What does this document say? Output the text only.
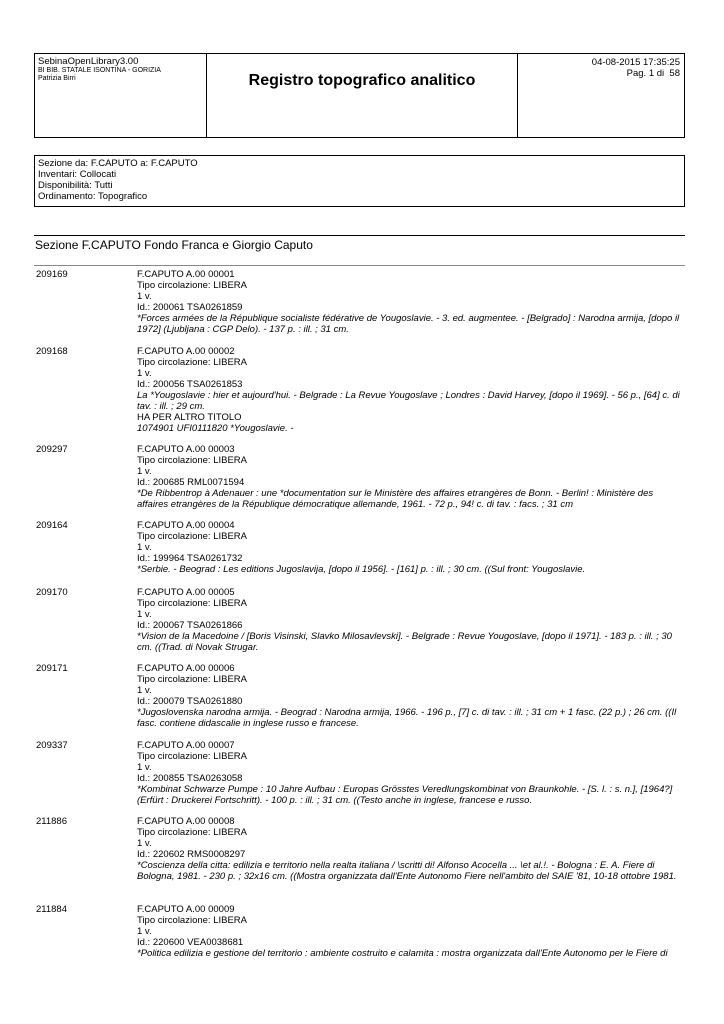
SebinaOpenLibrary3.00
BI BIB. STATALE ISONTINA - GORIZIA
Patrizia Birri	Registro topografico analitico
04-08-2015 17:35:25
Pag. 1 di  58
Sezione da: F.CAPUTO a: F.CAPUTO
Inventari: Collocati
Disponibilità: Tutti
Ordinamento: Topografico
Sezione F.CAPUTO Fondo Franca e Giorgio Caputo
209169	F.CAPUTO A.00 00001
Tipo circolazione: LIBERA
1 v.
Id.: 200061 TSA0261859
*Forces armées de la République socialiste fédérative de Yougoslavie. - 3. ed. augmentee. - [Belgrado] : Narodna armija, [dopo il 1972] (Ljubljana : CGP Delo). - 137 p. : ill. ; 31 cm.
209168	F.CAPUTO A.00 00002
Tipo circolazione: LIBERA
1 v.
Id.: 200056 TSA0261853
La *Yougoslavie : hier et aujourd'hui. - Belgrade : La Revue Yougoslave ; Londres : David Harvey, [dopo il 1969]. - 56 p., [64] c. di tav. : ill. ; 29 cm.
HA PER ALTRO TITOLO
1074901 UFI0111820 *Yougoslavie. -
209297	F.CAPUTO A.00 00003
Tipo circolazione: LIBERA
1 v.
Id.: 200685 RML0071594
*De Ribbentrop à Adenauer : une *documentation sur le Ministère des affaires etrangères de Bonn. - Berlin! : Ministère des affaires etrangères de la République démocratique allemande, 1961. - 72 p., 94! c. di tav. : facs. ; 31 cm
209164	F.CAPUTO A.00 00004
Tipo circolazione: LIBERA
1 v.
Id.: 199964 TSA0261732
*Serbie. - Beograd : Les editions Jugoslavija, [dopo il 1956]. - [161] p. : ill. ; 30 cm. ((Sul front: Yougoslavie.
209170	F.CAPUTO A.00 00005
Tipo circolazione: LIBERA
1 v.
Id.: 200067 TSA0261866
*Vision de la Macedoine / [Boris Visinski, Slavko Milosavlevski]. - Belgrade : Revue Yougoslave, [dopo il 1971]. - 183 p. : ill. ; 30 cm. ((Trad. di Novak Strugar.
209171	F.CAPUTO A.00 00006
Tipo circolazione: LIBERA
1 v.
Id.: 200079 TSA0261880
*Jugoslovenska narodna armija. - Beograd : Narodna armija, 1966. - 196 p., [7] c. di tav. : ill. ; 31 cm + 1 fasc. (22 p.) ; 26 cm. ((Il fasc. contiene didascalie in inglese russo e francese.
209337	F.CAPUTO A.00 00007
Tipo circolazione: LIBERA
1 v.
Id.: 200855 TSA0263058
*Kombinat Schwarze Pumpe : 10 Jahre Aufbau : Europas Grösstes Veredlungskombinat von Braunkohle. - [S. l. : s. n.], [1964?] (Erfürt : Druckerei Fortschritt). - 100 p. : ill. ; 31 cm. ((Testo anche in inglese, francese e russo.
211886	F.CAPUTO A.00 00008
Tipo circolazione: LIBERA
1 v.
Id.: 220602 RMS0008297
*Coscienza della citta: edilizia e territorio nella realta italiana / \scritti di! Alfonso Acocella ... \et al.!. - Bologna : E. A. Fiere di Bologna, 1981. - 230 p. ; 32x16 cm. ((Mostra organizzata dall'Ente Autonomo Fiere nell'ambito del SAIE '81, 10-18 ottobre 1981.
211884	F.CAPUTO A.00 00009
Tipo circolazione: LIBERA
1 v.
Id.: 220600 VEA0038681
*Politica edilizia e gestione del territorio : ambiente costruito e calamita : mostra organizzata dall'Ente Autonomo per le Fiere di
